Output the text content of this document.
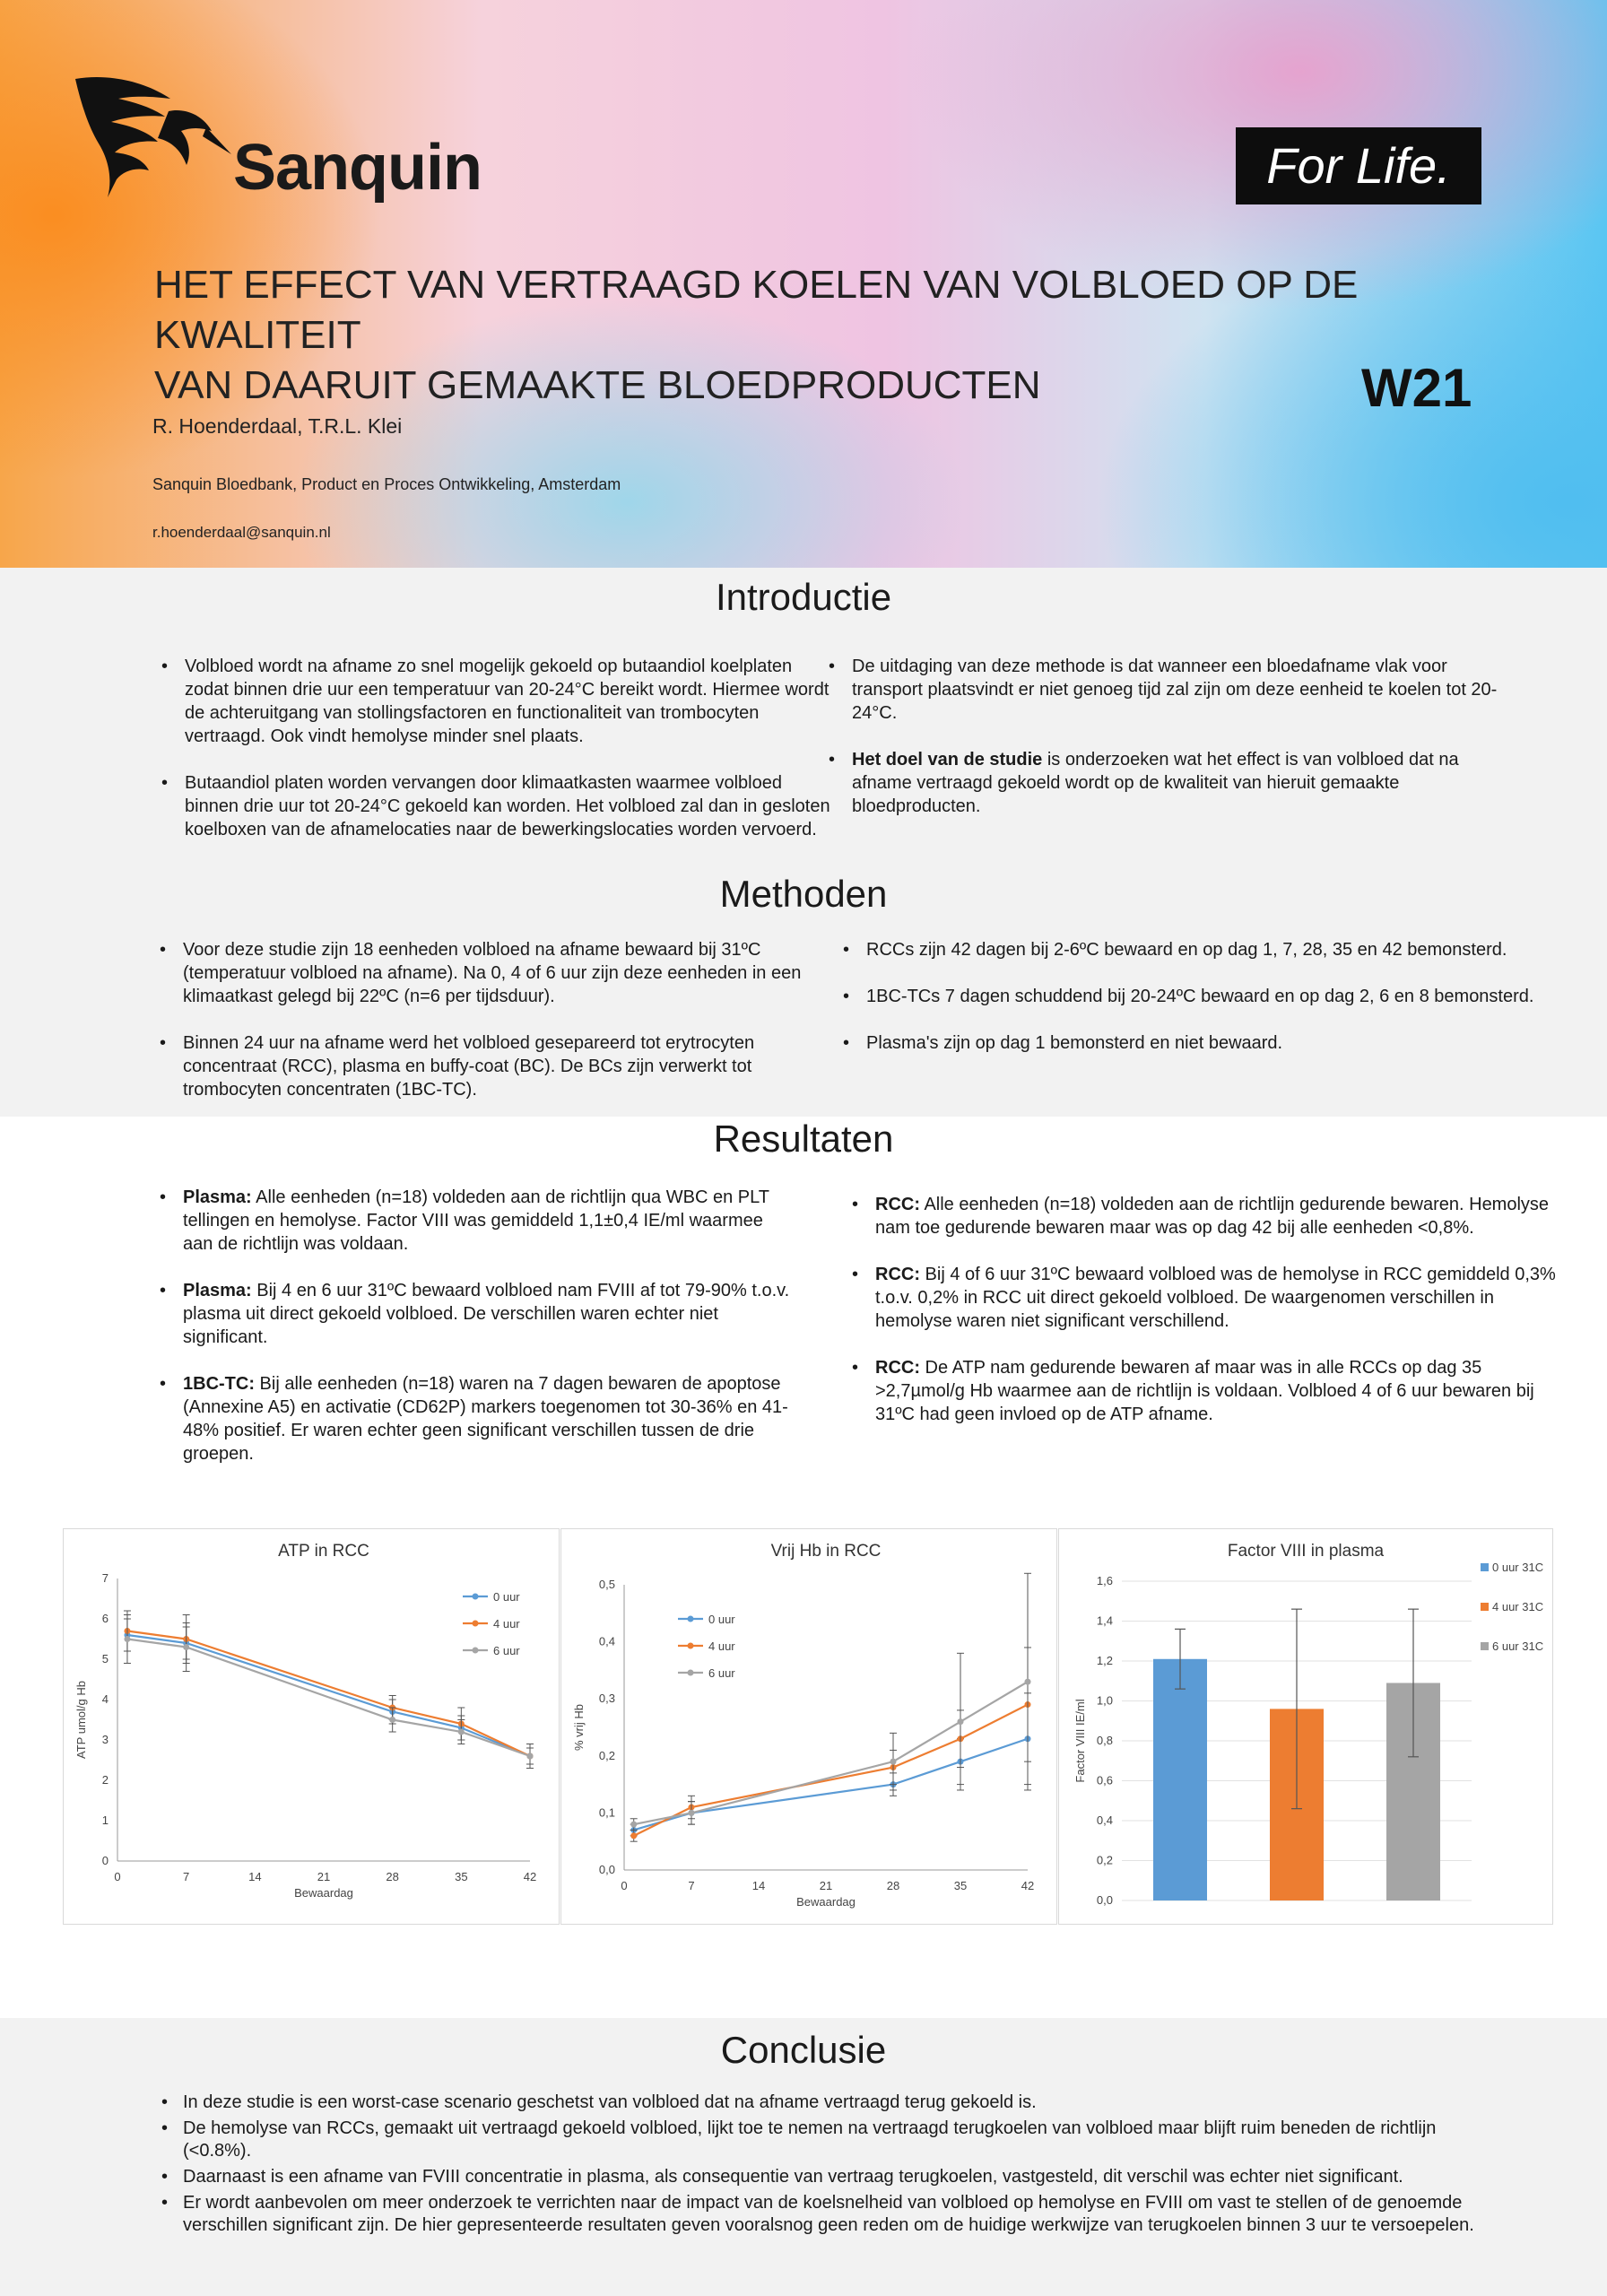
Sanquin	For Life.
HET EFFECT VAN VERTRAAGD KOELEN VAN VOLBLOED OP DE KWALITEIT
VAN DAARUIT GEMAAKTE BLOEDPRODUCTEN	W21
R. Hoenderdaal, T.R.L. Klei
Sanquin Bloedbank, Product en Proces Ontwikkeling, Amsterdam
r.hoenderdaal@sanquin.nl
Introductie
• Volbloed wordt na afname zo snel mogelijk gekoeld op butaandiol koelplaten zodat binnen drie uur een temperatuur van 20-24°C bereikt wordt. Hiermee wordt de achteruitgang van stollingsfactoren en functionaliteit van trombocyten vertraagd. Ook vindt hemolyse minder snel plaats.
• Butaandiol platen worden vervangen door klimaatkasten waarmee volbloed binnen drie uur tot 20-24°C gekoeld kan worden. Het volbloed zal dan in gesloten koelboxen van de afnamelocaties naar de bewerkingslocaties worden vervoerd.
• De uitdaging van deze methode is dat wanneer een bloedafname vlak voor transport plaatsvindt er niet genoeg tijd zal zijn om deze eenheid te koelen tot 20-24°C.
• Het doel van de studie is onderzoeken wat het effect is van volbloed dat na afname vertraagd gekoeld wordt op de kwaliteit van hieruit gemaakte bloedproducten.
Methoden
• Voor deze studie zijn 18 eenheden volbloed na afname bewaard bij 31ºC (temperatuur volbloed na afname). Na 0, 4 of 6 uur zijn deze eenheden in een klimaatkast gelegd bij 22ºC (n=6 per tijdsduur).
• Binnen 24 uur na afname werd het volbloed gesepareerd tot erytrocyten concentraat (RCC), plasma en buffy-coat (BC). De BCs zijn verwerkt tot trombocyten concentraten (1BC-TC).
• RCCs zijn 42 dagen bij 2-6ºC bewaard en op dag 1, 7, 28, 35 en 42 bemonsterd.
• 1BC-TCs 7 dagen schuddend bij 20-24ºC bewaard en op dag 2, 6 en 8 bemonsterd.
• Plasma's zijn op dag 1 bemonsterd en niet bewaard.
Resultaten
• Plasma: Alle eenheden (n=18) voldeden aan de richtlijn qua WBC en PLT tellingen en hemolyse. Factor VIII was gemiddeld 1,1±0,4 IE/ml waarmee aan de richtlijn was voldaan.
• Plasma: Bij 4 en 6 uur 31ºC bewaard volbloed nam FVIII af tot 79-90% t.o.v. plasma uit direct gekoeld volbloed. De verschillen waren echter niet significant.
• 1BC-TC: Bij alle eenheden (n=18) waren na 7 dagen bewaren de apoptose (Annexine A5) en activatie (CD62P) markers toegenomen tot 30-36% en 41-48% positief. Er waren echter geen significant verschillen tussen de drie groepen.
• RCC: Alle eenheden (n=18) voldeden aan de richtlijn gedurende bewaren. Hemolyse nam toe gedurende bewaren maar was op dag 42 bij alle eenheden <0,8%.
• RCC: Bij 4 of 6 uur 31ºC bewaard volbloed was de hemolyse in RCC gemiddeld 0,3% t.o.v. 0,2% in RCC uit direct gekoeld volbloed. De waargenomen verschillen in hemolyse waren niet significant verschillend.
• RCC: De ATP nam gedurende bewaren af maar was in alle RCCs op dag 35 >2,7µmol/g Hb waarmee aan de richtlijn is voldaan. Volbloed 4 of 6 uur bewaren bij 31ºC had geen invloed op de ATP afname.
ATP in RCC
0	7	14	21	28	35	42
0
1
2
3
4
5
6
7
Bewaardag
ATP umol/g Hb
0 uur
4 uur
6 uur
Vrij Hb in RCC
0	7	14	21	28	35	42
0,0
0,1
0,2
0,3
0,4
0,5
Bewaardag
% vrij Hb
0 uur
4 uur
6 uur
Factor VIII in plasma
0,0
0,2
0,4
0,6
0,8
1,0
1,2
1,4
1,6
Factor VIII IE/ml
0 uur 31C
4 uur 31C
6 uur 31C
Conclusie
• In deze studie is een worst-case scenario geschetst van volbloed dat na afname vertraagd terug gekoeld is.
• De hemolyse van RCCs, gemaakt uit vertraagd gekoeld volbloed, lijkt toe te nemen na vertraagd terugkoelen van volbloed maar blijft ruim beneden de richtlijn (<0.8%).
• Daarnaast is een afname van FVIII concentratie in plasma, als consequentie van vertraag terugkoelen, vastgesteld, dit verschil was echter niet significant.
• Er wordt aanbevolen om meer onderzoek te verrichten naar de impact van de koelsnelheid van volbloed op hemolyse en FVIII om vast te stellen of de genoemde verschillen significant zijn. De hier gepresenteerde resultaten geven vooralsnog geen reden om de huidige werkwijze van terugkoelen binnen 3 uur te versoepelen.
